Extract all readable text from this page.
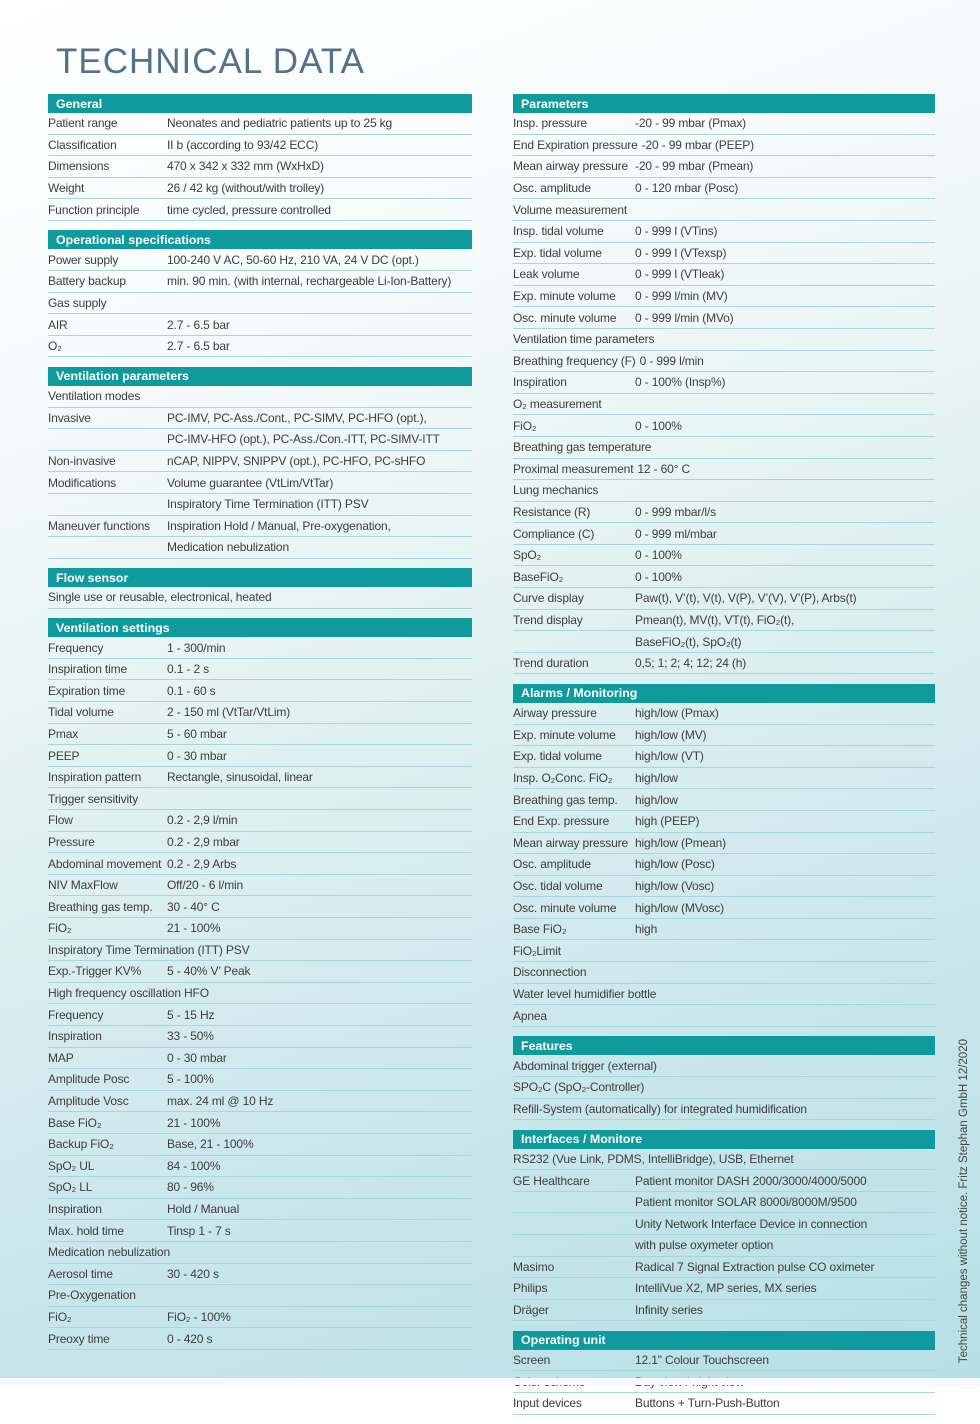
TECHNICAL DATA
General
Patient range	Neonates and pediatric patients up to 25 kg
Classification	II b (according to 93/42 ECC)
Dimensions	470 x 342 x 332 mm (WxHxD)
Weight	26 / 42 kg (without/with trolley)
Function principle	time cycled, pressure controlled
Operational specifications
Power supply	100-240 V AC, 50-60 Hz, 210 VA, 24 V DC (opt.)
Battery backup	min. 90 min. (with internal, rechargeable Li-Ion-Battery)
Gas supply
AIR	2.7 - 6.5 bar
O₂	2.7 - 6.5 bar
Ventilation parameters
Ventilation modes
Invasive	PC-IMV, PC-Ass./Cont., PC-SIMV, PC-HFO (opt.),
PC-IMV-HFO (opt.), PC-Ass./Con.-ITT, PC-SIMV-ITT
Non-invasive	nCAP, NIPPV, SNIPPV (opt.), PC-HFO, PC-sHFO
Modifications	Volume guarantee (VtLim/VtTar)
Inspiratory Time Termination (ITT) PSV
Maneuver functions	Inspiration Hold / Manual, Pre-oxygenation,
Medication nebulization
Flow sensor
Single use or reusable, electronical, heated
Ventilation settings
Frequency	1 - 300/min
Inspiration time	0.1 - 2 s
Expiration time	0.1 - 60 s
Tidal volume	2 - 150 ml (VtTar/VtLim)
Pmax	5 - 60 mbar
PEEP	0 - 30 mbar
Inspiration pattern	Rectangle, sinusoidal, linear
Trigger sensitivity
Flow	0.2 - 2,9 l/min
Pressure	0.2 - 2,9 mbar
Abdominal movement 0.2 - 2,9 Arbs
NIV MaxFlow	Off/20 - 6 l/min
Breathing gas temp.	30 - 40° C
FiO₂	21 - 100%
Inspiratory Time Termination (ITT) PSV
Exp.-Trigger KV%	5 - 40% V’ Peak
High frequency oscillation HFO
Frequency	5 - 15 Hz
Inspiration	33 - 50%
MAP	0 - 30 mbar
Amplitude Posc	5 - 100%
Amplitude Vosc	max. 24 ml @ 10 Hz
Base FiO₂	21 - 100%
Backup FiO₂	Base, 21 - 100%
SpO₂ UL	84 - 100%
SpO₂ LL	80 - 96%
Inspiration	Hold / Manual
Max. hold time	Tinsp 1 - 7 s
Medication nebulization
Aerosol time	30 - 420 s
Pre-Oxygenation
FiO₂	FiO₂ - 100%
Preoxy time	0 - 420 s
Parameters
Insp. pressure	-20 - 99 mbar (Pmax)
End Expiration pressure -20 - 99 mbar (PEEP)
Mean airway pressure -20 - 99 mbar (Pmean)
Osc. amplitude	0 - 120 mbar (Posc)
Volume measurement
Insp. tidal volume	0 - 999 l (VTins)
Exp. tidal volume	0 - 999 l (VTexsp)
Leak volume	0 - 999 l (VTleak)
Exp. minute volume	0 - 999 l/min (MV)
Osc. minute volume	0 - 999 l/min (MVo)
Ventilation time parameters
Breathing frequency (F) 0 - 999 l/min
Inspiration	0 - 100% (Insp%)
O₂ measurement
FiO₂	0 - 100%
Breathing gas temperature
Proximal measurement 12 - 60° C
Lung mechanics
Resistance (R)	0 - 999 mbar/l/s
Compliance (C)	0 - 999 ml/mbar
SpO₂	0 - 100%
BaseFiO₂	0 - 100%
Curve display	Paw(t), V’(t), V(t), V(P), V’(V), V’(P), Arbs(t)
Trend display	Pmean(t), MV(t), VT(t), FiO₂(t),
BaseFiO₂(t), SpO₂(t)
Trend duration	0,5; 1; 2; 4; 12; 24 (h)
Alarms / Monitoring
Airway pressure	high/low (Pmax)
Exp. minute volume	high/low (MV)
Exp. tidal volume	high/low (VT)
Insp. O₂Conc. FiO₂	high/low
Breathing gas temp.	high/low
End Exp. pressure	high (PEEP)
Mean airway pressure high/low (Pmean)
Osc. amplitude	high/low (Posc)
Osc. tidal volume	high/low (Vosc)
Osc. minute volume	high/low (MVosc)
Base FiO₂	high
FiO₂Limit
Disconnection
Water level humidifier bottle
Apnea
Features
Abdominal trigger (external)
SPO₂C (SpO₂-Controller)
Refill-System (automatically) for integrated humidification
Interfaces / Monitore
RS232 (Vue Link, PDMS, IntelliBridge), USB, Ethernet
GE Healthcare	Patient monitor DASH 2000/3000/4000/5000
Patient monitor SOLAR 8000i/8000M/9500
Unity Network Interface Device in connection
with pulse oxymeter option
Masimo	Radical 7 Signal Extraction pulse CO oximeter
Philips	IntelliVue X2, MP series, MX series
Dräger	Infinity series
Operating unit
Screen	12.1" Colour Touchscreen
Input devices	Buttons + Turn-Push-Button
Technical changes without notice. Fritz Stephan GmbH 12/2020
